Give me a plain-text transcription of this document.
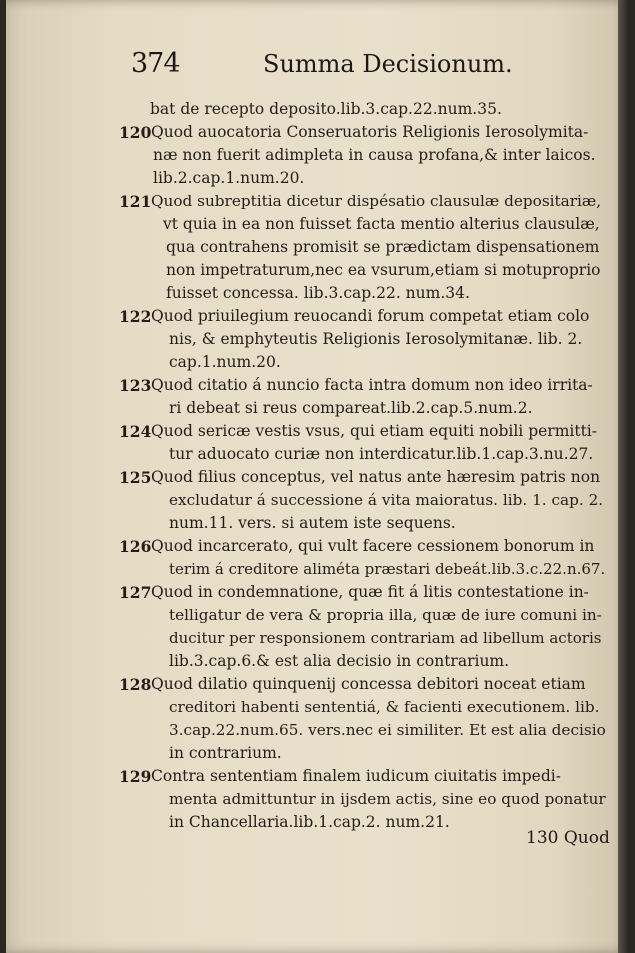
374	Summa Decisionum.
bat de recepto deposito.lib.3.cap.22.num.35.
120 Quod auocatoria Conseruatoris Religionis Ierosolymita-
næ non fuerit adimpleta in causa profana,& inter laicos.
lib.2.cap.1.num.20.
121 Quod subreptitia dicetur dispésatio clausulæ depositariæ,
vt quia in ea non fuisset facta mentio alterius clausulæ,
qua contrahens promisit se prædictam dispensationem
non impetraturum,nec ea vsurum,etiam si motuproprio
fuisset concessa. lib.3.cap.22. num.34.
122 Quod priuilegium reuocandi forum competat etiam colo
nis, & emphyteutis Religionis Ierosolymitanæ. lib. 2.
cap.1.num.20.
123 Quod citatio á nuncio facta intra domum non ideo irrita-
ri debeat si reus compareat.lib.2.cap.5.num.2.
124 Quod sericæ vestis vsus, qui etiam equiti nobili permitti-
tur aduocato curiæ non interdicatur.lib.1.cap.3.nu.27.
125 Quod filius conceptus, vel natus ante hæresim patris non
excludatur á successione á vita maioratus. lib. 1. cap. 2.
num.11. vers. si autem iste sequens.
126 Quod incarcerato, qui vult facere cessionem bonorum in
terim á creditore aliméta præstari debeát.lib.3.c.22.n.67.
127 Quod in condemnatione, quæ fit á litis contestatione in-
telligatur de vera & propria illa, quæ de iure comuni in-
ducitur per responsionem contrariam ad libellum actoris
lib.3.cap.6.& est alia decisio in contrarium.
128 Quod dilatio quinquenij concessa debitori noceat etiam
creditori habenti sententiá, & facienti executionem. lib.
3.cap.22.num.65. vers.nec ei similiter. Et est alia decisio
in contrarium.
129 Contra sententiam finalem iudicum ciuitatis impedi-
menta admittuntur in ijsdem actis, sine eo quod ponatur
in Chancellaria.lib.1.cap.2. num.21.
130 Quod
